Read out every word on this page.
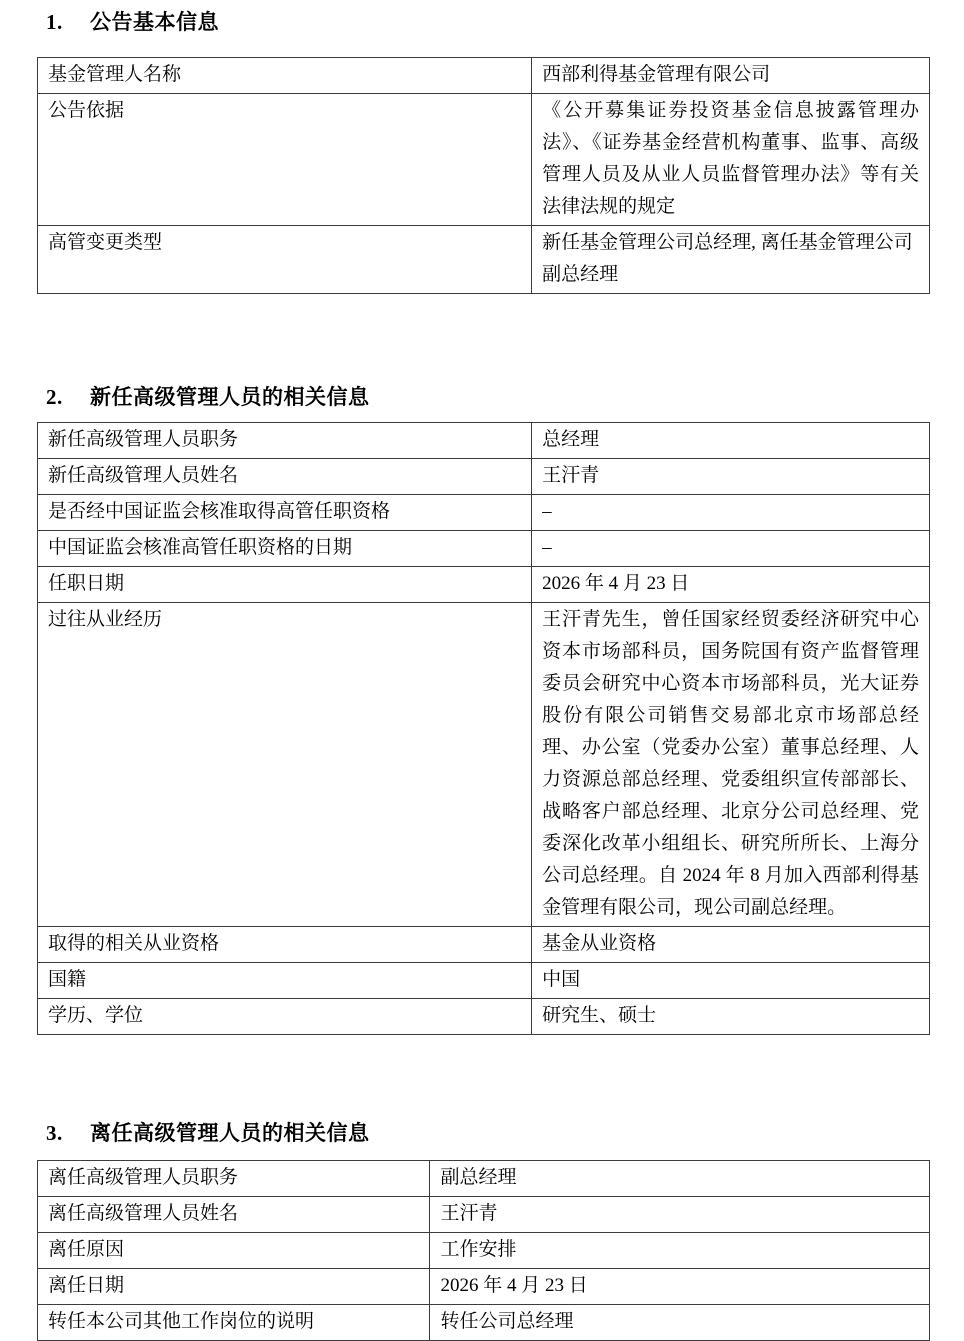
1. 公告基本信息
基金管理人名称	西部利得基金管理有限公司
公告依据	《公开募集证券投资基金信息披露管理办法》、《证券基金经营机构董事、监事、高级管理人员及从业人员监督管理办法》等有关法律法规的规定
高管变更类型	新任基金管理公司总经理, 离任基金管理公司副总经理
2. 新任高级管理人员的相关信息
新任高级管理人员职务	总经理
新任高级管理人员姓名	王汗青
是否经中国证监会核准取得高管任职资格	–
中国证监会核准高管任职资格的日期	–
任职日期	2026 年 4 月 23 日
过往从业经历	王汗青先生，曾任国家经贸委经济研究中心资本市场部科员，国务院国有资产监督管理委员会研究中心资本市场部科员，光大证券股份有限公司销售交易部北京市场部总经理、办公室（党委办公室）董事总经理、人力资源总部总经理、党委组织宣传部部长、战略客户部总经理、北京分公司总经理、党委深化改革小组组长、研究所所长、上海分公司总经理。自 2024 年 8 月加入西部利得基金管理有限公司，现公司副总经理。
取得的相关从业资格	基金从业资格
国籍	中国
学历、学位	研究生、硕士
3. 离任高级管理人员的相关信息
离任高级管理人员职务	副总经理
离任高级管理人员姓名	王汗青
离任原因	工作安排
离任日期	2026 年 4 月 23 日
转任本公司其他工作岗位的说明	转任公司总经理
